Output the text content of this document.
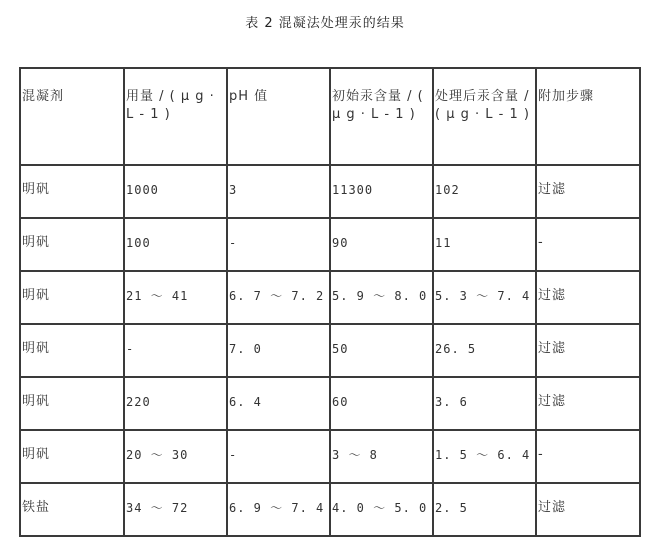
表 2 混凝法处理汞的结果
混凝剂	用量 / ( μ g · L - 1 )	pH 值	初始汞含量 / ( μ g · L - 1 )	处理后汞含量 / ( μ g · L - 1 )	附加步骤

明矾	1000	3	11300	102	过滤

明矾	100	-	90	11	-

明矾	21 ～ 41	6. 7 ～ 7. 2	5. 9 ～ 8. 0	5. 3 ～ 7. 4	过滤

明矾	-	7. 0	50	26. 5	过滤

明矾	220	6. 4	60	3. 6	过滤

明矾	20 ～ 30	-	3 ～ 8	1. 5 ～ 6. 4	-

铁盐	34 ～ 72	6. 9 ～ 7. 4	4. 0 ～ 5. 0	2. 5	过滤
